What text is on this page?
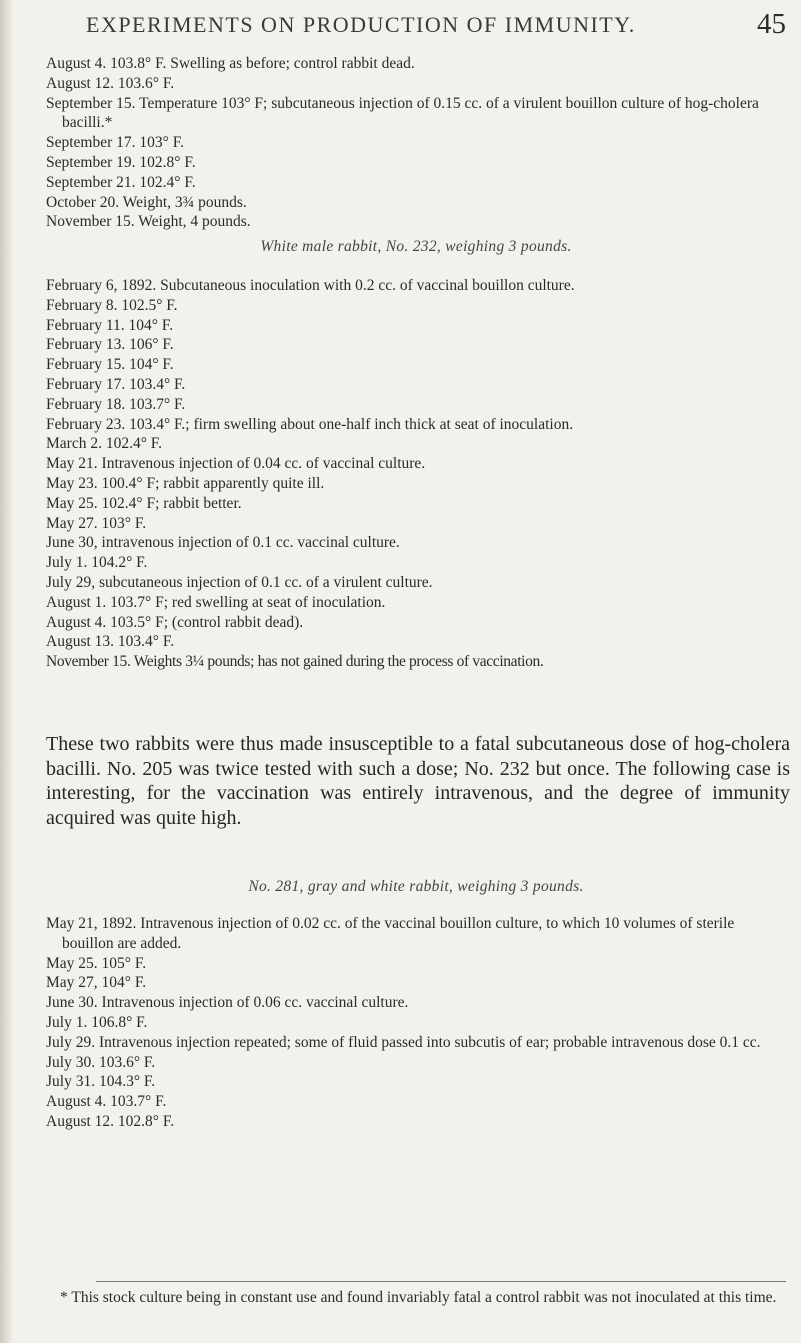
EXPERIMENTS ON PRODUCTION OF IMMUNITY.	45

August 4. 103.8° F. Swelling as before; control rabbit dead.

August 12. 103.6° F.

September 15. Temperature 103° F; subcutaneous injection of 0.15 cc. of a virulent bouillon culture of hog-cholera bacilli.*

September 17. 103° F.

September 19. 102.8° F.

September 21. 102.4° F.

October 20. Weight, 3¾ pounds.

November 15. Weight, 4 pounds.

White male rabbit, No. 232, weighing 3 pounds.

February 6, 1892. Subcutaneous inoculation with 0.2 cc. of vaccinal bouillon culture.

February 8. 102.5° F.

February 11. 104° F.

February 13. 106° F.

February 15. 104° F.

February 17. 103.4° F.

February 18. 103.7° F.

February 23. 103.4° F.; firm swelling about one-half inch thick at seat of inoculation.

March 2. 102.4° F.

May 21. Intravenous injection of 0.04 cc. of vaccinal culture.

May 23. 100.4° F; rabbit apparently quite ill.

May 25. 102.4° F; rabbit better.

May 27. 103° F.

June 30, intravenous injection of 0.1 cc. vaccinal culture.

July 1. 104.2° F.

July 29, subcutaneous injection of 0.1 cc. of a virulent culture.

August 1. 103.7° F; red swelling at seat of inoculation.

August 4. 103.5° F; (control rabbit dead).

August 13. 103.4° F.

November 15. Weights 3¼ pounds; has not gained during the process of vaccination.

These two rabbits were thus made insusceptible to a fatal subcutaneous dose of hog-cholera bacilli. No. 205 was twice tested with such a dose; No. 232 but once. The following case is interesting, for the vaccination was entirely intravenous, and the degree of immunity acquired was quite high.

No. 281, gray and white rabbit, weighing 3 pounds.

May 21, 1892. Intravenous injection of 0.02 cc. of the vaccinal bouillon culture, to which 10 volumes of sterile bouillon are added.

May 25. 105° F.

May 27, 104° F.

June 30. Intravenous injection of 0.06 cc. vaccinal culture.

July 1. 106.8° F.

July 29. Intravenous injection repeated; some of fluid passed into subcutis of ear; probable intravenous dose 0.1 cc.

July 30. 103.6° F.

July 31. 104.3° F.

August 4. 103.7° F.

August 12. 102.8° F.

* This stock culture being in constant use and found invariably fatal a control rabbit was not inoculated at this time.
